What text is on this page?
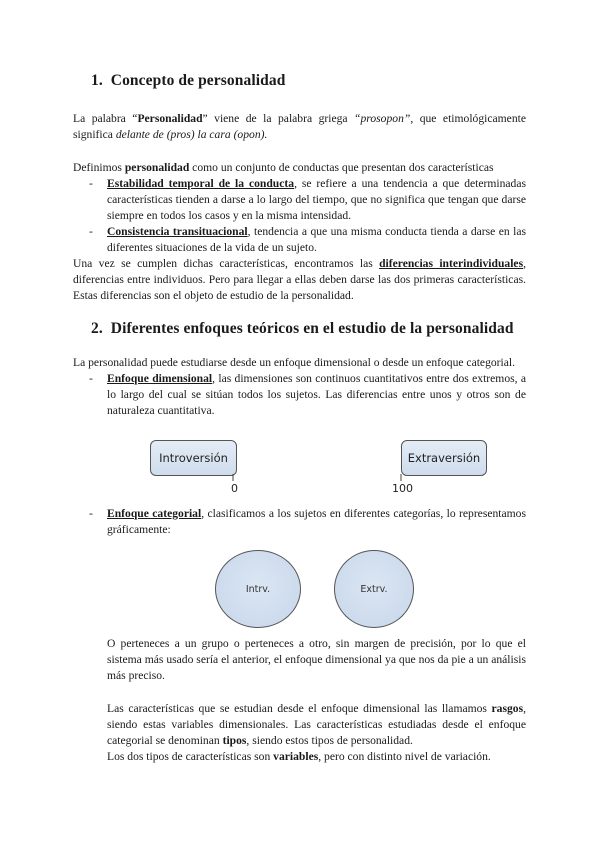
1. Concepto de personalidad
La palabra “Personalidad” viene de la palabra griega “prosopon”, que etimológicamente significa delante de (pros) la cara (opon).

Definimos personalidad como un conjunto de conductas que presentan dos características

- Estabilidad temporal de la conducta, se refiere a una tendencia a que determinadas características tienden a darse a lo largo del tiempo, que no significa que tengan que darse siempre en todos los casos y en la misma intensidad.
- Consistencia transituacional, tendencia a que una misma conducta tienda a darse en las diferentes situaciones de la vida de un sujeto.

Una vez se cumplen dichas características, encontramos las diferencias interindividuales, diferencias entre individuos. Pero para llegar a ellas deben darse las dos primeras características. Estas diferencias son el objeto de estudio de la personalidad.

2. Diferentes enfoques teóricos en el estudio de la personalidad

La personalidad puede estudiarse desde un enfoque dimensional o desde un enfoque categorial.

- Enfoque dimensional, las dimensiones son continuos cuantitativos entre dos extremos, a lo largo del cual se sitúan todos los sujetos. Las diferencias entre unos y otros son de naturaleza cuantitativa.
Introversión	Extraversión
0	100
- Enfoque categorial, clasificamos a los sujetos en diferentes categorías, lo representamos gráficamente:
Intrv.	Extrv.
O perteneces a un grupo o perteneces a otro, sin margen de precisión, por lo que el sistema más usado sería el anterior, el enfoque dimensional ya que nos da pie a un análisis más preciso.

Las características que se estudian desde el enfoque dimensional las llamamos rasgos, siendo estas variables dimensionales. Las características estudiadas desde el enfoque categorial se denominan tipos, siendo estos tipos de personalidad.

Los dos tipos de características son variables, pero con distinto nivel de variación.
